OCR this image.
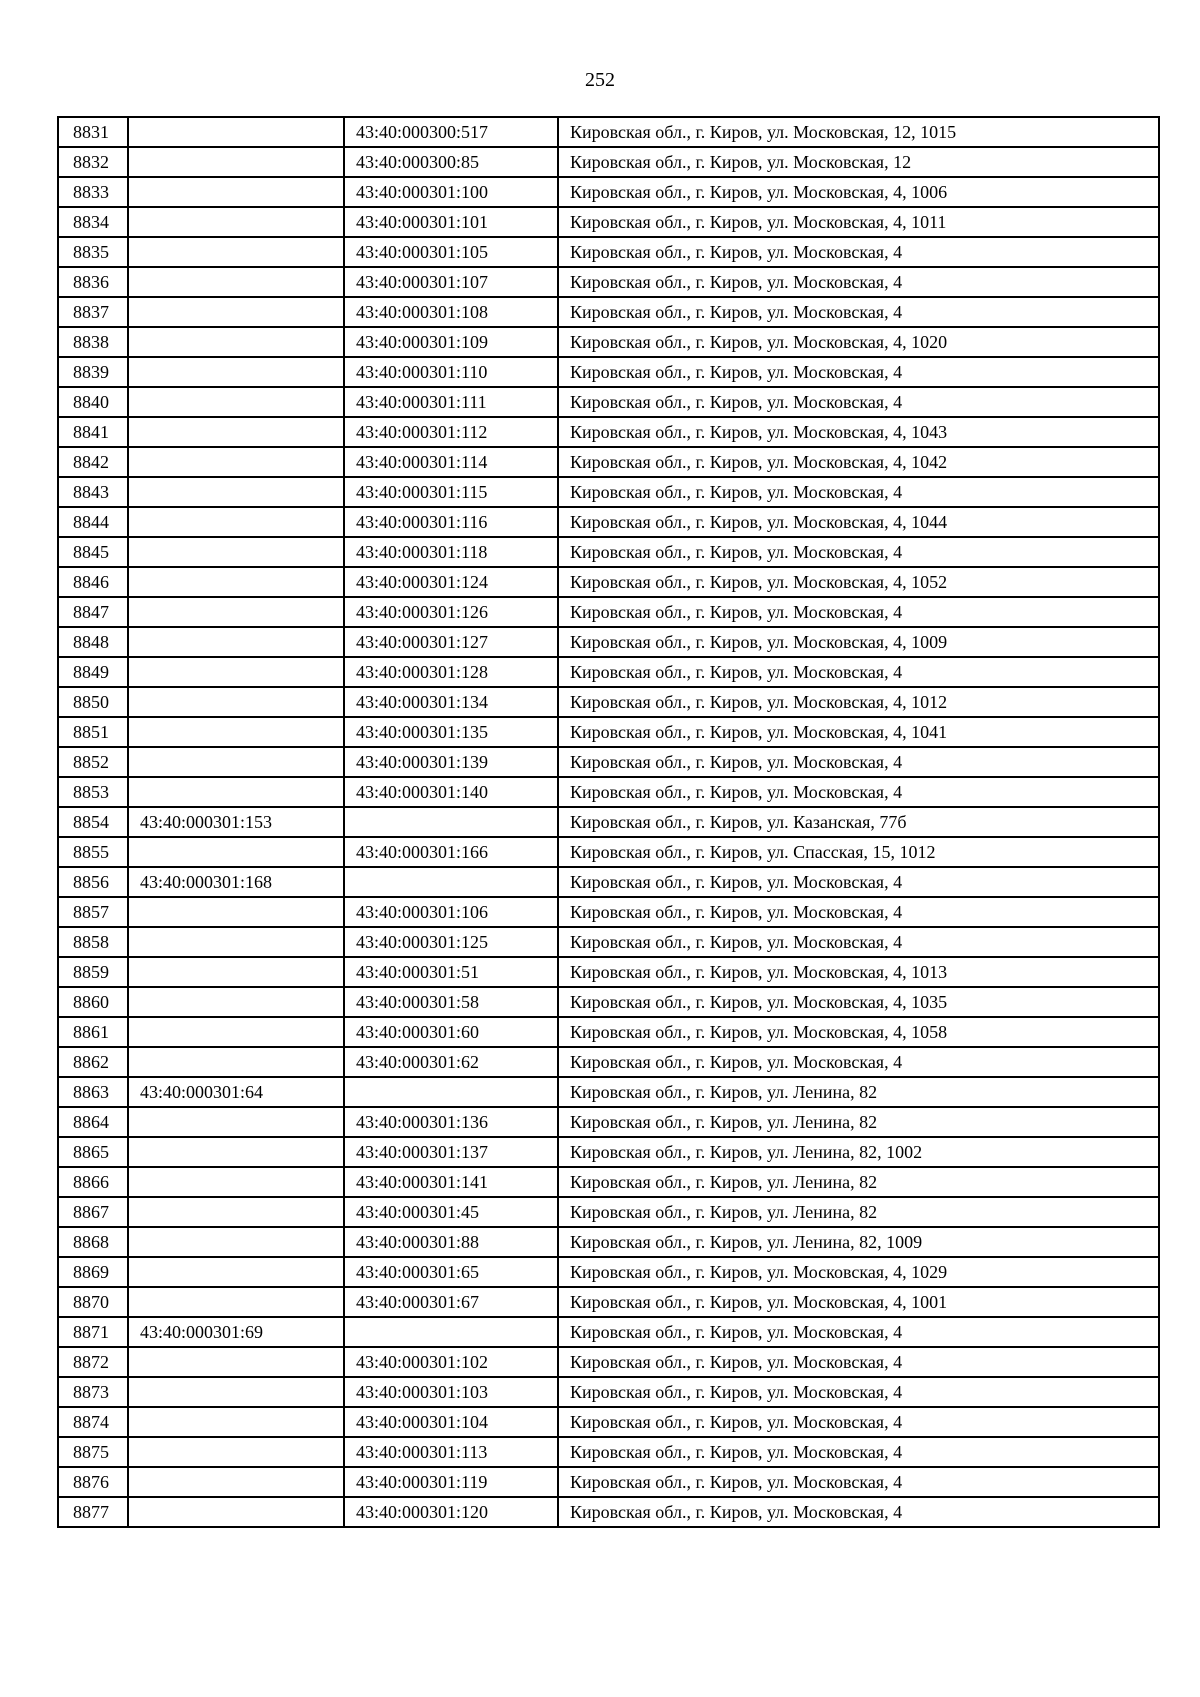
252
8831		43:40:000300:517	Кировская обл., г. Киров, ул. Московская, 12, 1015
8832		43:40:000300:85	Кировская обл., г. Киров, ул. Московская, 12
8833		43:40:000301:100	Кировская обл., г. Киров, ул. Московская, 4, 1006
8834		43:40:000301:101	Кировская обл., г. Киров, ул. Московская, 4, 1011
8835		43:40:000301:105	Кировская обл., г. Киров, ул. Московская, 4
8836		43:40:000301:107	Кировская обл., г. Киров, ул. Московская, 4
8837		43:40:000301:108	Кировская обл., г. Киров, ул. Московская, 4
8838		43:40:000301:109	Кировская обл., г. Киров, ул. Московская, 4, 1020
8839		43:40:000301:110	Кировская обл., г. Киров, ул. Московская, 4
8840		43:40:000301:111	Кировская обл., г. Киров, ул. Московская, 4
8841		43:40:000301:112	Кировская обл., г. Киров, ул. Московская, 4, 1043
8842		43:40:000301:114	Кировская обл., г. Киров, ул. Московская, 4, 1042
8843		43:40:000301:115	Кировская обл., г. Киров, ул. Московская, 4
8844		43:40:000301:116	Кировская обл., г. Киров, ул. Московская, 4, 1044
8845		43:40:000301:118	Кировская обл., г. Киров, ул. Московская, 4
8846		43:40:000301:124	Кировская обл., г. Киров, ул. Московская, 4, 1052
8847		43:40:000301:126	Кировская обл., г. Киров, ул. Московская, 4
8848		43:40:000301:127	Кировская обл., г. Киров, ул. Московская, 4, 1009
8849		43:40:000301:128	Кировская обл., г. Киров, ул. Московская, 4
8850		43:40:000301:134	Кировская обл., г. Киров, ул. Московская, 4, 1012
8851		43:40:000301:135	Кировская обл., г. Киров, ул. Московская, 4, 1041
8852		43:40:000301:139	Кировская обл., г. Киров, ул. Московская, 4
8853		43:40:000301:140	Кировская обл., г. Киров, ул. Московская, 4
8854	43:40:000301:153		Кировская обл., г. Киров, ул. Казанская, 77б
8855		43:40:000301:166	Кировская обл., г. Киров, ул. Спасская, 15, 1012
8856	43:40:000301:168		Кировская обл., г. Киров, ул. Московская, 4
8857		43:40:000301:106	Кировская обл., г. Киров, ул. Московская, 4
8858		43:40:000301:125	Кировская обл., г. Киров, ул. Московская, 4
8859		43:40:000301:51	Кировская обл., г. Киров, ул. Московская, 4, 1013
8860		43:40:000301:58	Кировская обл., г. Киров, ул. Московская, 4, 1035
8861		43:40:000301:60	Кировская обл., г. Киров, ул. Московская, 4, 1058
8862		43:40:000301:62	Кировская обл., г. Киров, ул. Московская, 4
8863	43:40:000301:64		Кировская обл., г. Киров, ул. Ленина, 82
8864		43:40:000301:136	Кировская обл., г. Киров, ул. Ленина, 82
8865		43:40:000301:137	Кировская обл., г. Киров, ул. Ленина, 82, 1002
8866		43:40:000301:141	Кировская обл., г. Киров, ул. Ленина, 82
8867		43:40:000301:45	Кировская обл., г. Киров, ул. Ленина, 82
8868		43:40:000301:88	Кировская обл., г. Киров, ул. Ленина, 82, 1009
8869		43:40:000301:65	Кировская обл., г. Киров, ул. Московская, 4, 1029
8870		43:40:000301:67	Кировская обл., г. Киров, ул. Московская, 4, 1001
8871	43:40:000301:69		Кировская обл., г. Киров, ул. Московская, 4
8872		43:40:000301:102	Кировская обл., г. Киров, ул. Московская, 4
8873		43:40:000301:103	Кировская обл., г. Киров, ул. Московская, 4
8874		43:40:000301:104	Кировская обл., г. Киров, ул. Московская, 4
8875		43:40:000301:113	Кировская обл., г. Киров, ул. Московская, 4
8876		43:40:000301:119	Кировская обл., г. Киров, ул. Московская, 4
8877		43:40:000301:120	Кировская обл., г. Киров, ул. Московская, 4
